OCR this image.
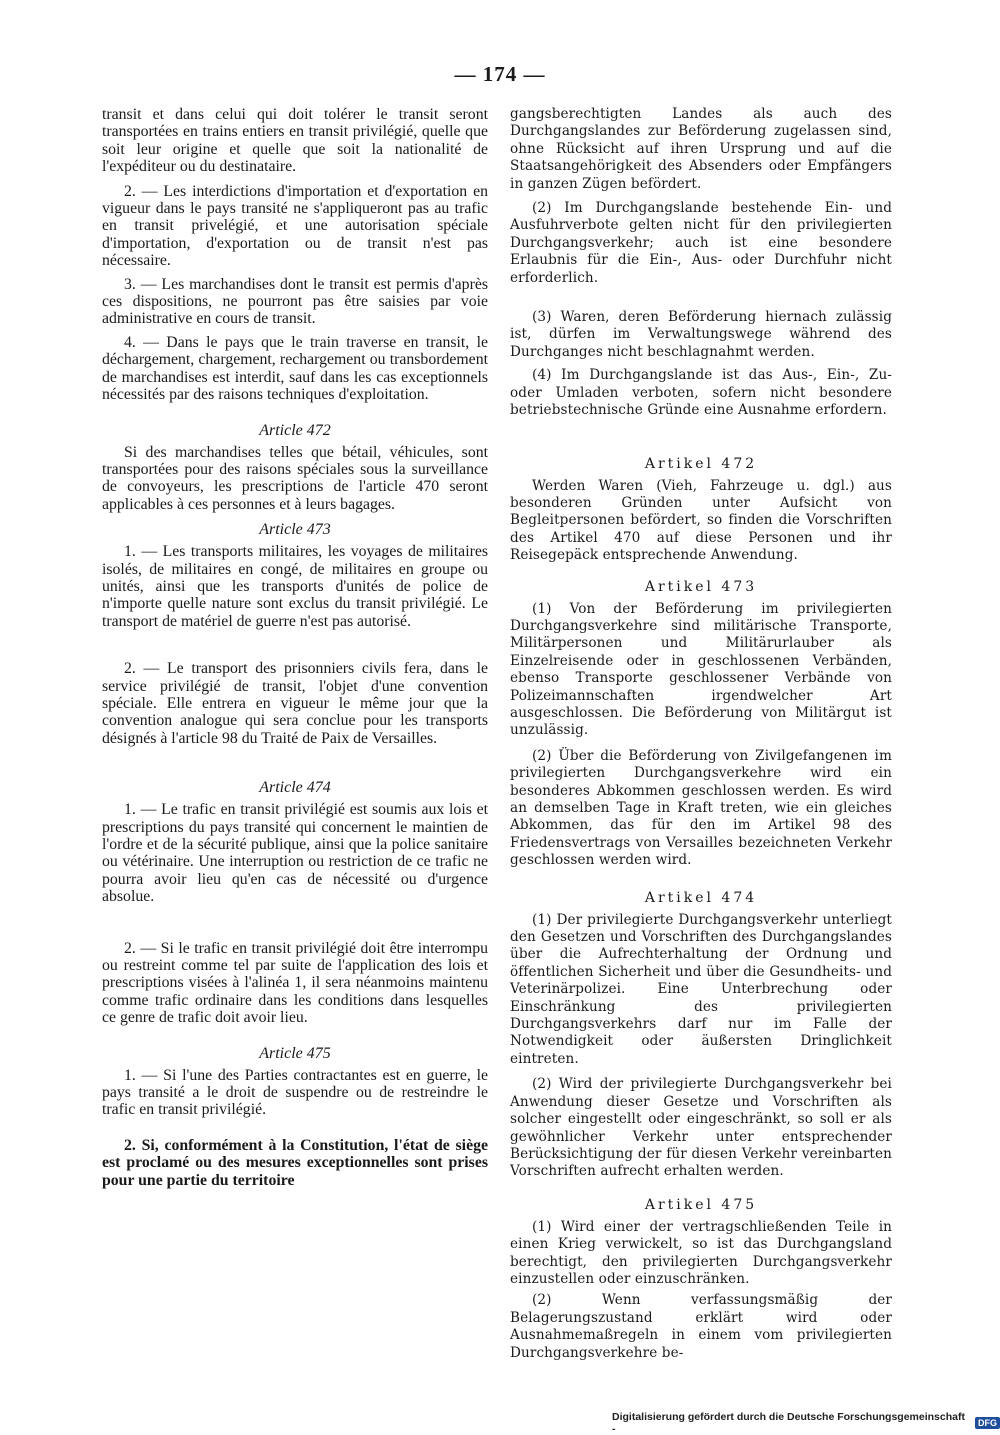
— 174 —

transit et dans celui qui doit tolérer le transit seront transportées en trains entiers en transit privilégié, quelle que soit leur origine et quelle que soit la nationalité de l'expéditeur ou du destinataire.

2. — Les interdictions d'importation et d'exportation en vigueur dans le pays transité ne s'appliqueront pas au trafic en transit privelégié, et une autorisation spéciale d'importation, d'exportation ou de transit n'est pas nécessaire.

3. — Les marchandises dont le transit est permis d'après ces dispositions, ne pourront pas être saisies par voie administrative en cours de transit.

4. — Dans le pays que le train traverse en transit, le déchargement, chargement, rechargement ou transbordement de marchandises est interdit, sauf dans les cas exceptionnels nécessités par des raisons techniques d'exploitation.

Article 472

Si des marchandises telles que bétail, véhicules, sont transportées pour des raisons spéciales sous la surveillance de convoyeurs, les prescriptions de l'article 470 seront applicables à ces personnes et à leurs bagages.

Article 473

1. — Les transports militaires, les voyages de militaires isolés, de militaires en congé, de militaires en groupe ou unités, ainsi que les transports d'unités de police de n'importe quelle nature sont exclus du transit privilégié. Le transport de matériel de guerre n'est pas autorisé.

2. — Le transport des prisonniers civils fera, dans le service privilégié de transit, l'objet d'une convention spéciale. Elle entrera en vigueur le même jour que la convention analogue qui sera conclue pour les transports désignés à l'article 98 du Traité de Paix de Versailles.

Article 474

1. — Le trafic en transit privilégié est soumis aux lois et prescriptions du pays transité qui concernent le maintien de l'ordre et de la sécurité publique, ainsi que la police sanitaire ou vétérinaire. Une interruption ou restriction de ce trafic ne pourra avoir lieu qu'en cas de nécessité ou d'urgence absolue.

2. — Si le trafic en transit privilégié doit être interrompu ou restreint comme tel par suite de l'application des lois et prescriptions visées à l'alinéa 1, il sera néanmoins maintenu comme trafic ordinaire dans les conditions dans lesquelles ce genre de trafic doit avoir lieu.

Article 475

1. — Si l'une des Parties contractantes est en guerre, le pays transité a le droit de suspendre ou de restreindre le trafic en transit privilégié.

2. Si, conformément à la Constitution, l'état de siège est proclamé ou des mesures exceptionnelles sont prises pour une partie du territoire

gangsberechtigten Landes als auch des Durchgangslandes zur Beförderung zugelassen sind, ohne Rücksicht auf ihren Ursprung und auf die Staatsangehörigkeit des Absenders oder Empfängers in ganzen Zügen befördert.

(2) Im Durchgangslande bestehende Ein- und Ausfuhrverbote gelten nicht für den privilegierten Durchgangsverkehr; auch ist eine besondere Erlaubnis für die Ein-, Aus- oder Durchfuhr nicht erforderlich.

(3) Waren, deren Beförderung hiernach zulässig ist, dürfen im Verwaltungswege während des Durchganges nicht beschlagnahmt werden.

(4) Im Durchgangslande ist das Aus-, Ein-, Zu- oder Umladen verboten, sofern nicht besondere betriebstechnische Gründe eine Ausnahme erfordern.

Artikel 472

Werden Waren (Vieh, Fahrzeuge u. dgl.) aus besonderen Gründen unter Aufsicht von Begleitpersonen befördert, so finden die Vorschriften des Artikel 470 auf diese Personen und ihr Reisegepäck entsprechende Anwendung.

Artikel 473

(1) Von der Beförderung im privilegierten Durchgangsverkehre sind militärische Transporte, Militärpersonen und Militärurlauber als Einzelreisende oder in geschlossenen Verbänden, ebenso Transporte geschlossener Verbände von Polizeimannschaften irgendwelcher Art ausgeschlossen. Die Beförderung von Militärgut ist unzulässig.

(2) Über die Beförderung von Zivilgefangenen im privilegierten Durchgangsverkehre wird ein besonderes Abkommen geschlossen werden. Es wird an demselben Tage in Kraft treten, wie ein gleiches Abkommen, das für den im Artikel 98 des Friedensvertrags von Versailles bezeichneten Verkehr geschlossen werden wird.

Artikel 474

(1) Der privilegierte Durchgangsverkehr unterliegt den Gesetzen und Vorschriften des Durchgangslandes über die Aufrechterhaltung der Ordnung und öffentlichen Sicherheit und über die Gesundheits- und Veterinärpolizei. Eine Unterbrechung oder Einschränkung des privilegierten Durchgangsverkehrs darf nur im Falle der Notwendigkeit oder äußersten Dringlichkeit eintreten.

(2) Wird der privilegierte Durchgangsverkehr bei Anwendung dieser Gesetze und Vorschriften als solcher eingestellt oder eingeschränkt, so soll er als gewöhnlicher Verkehr unter entsprechender Berücksichtigung der für diesen Verkehr vereinbarten Vorschriften aufrecht erhalten werden.

Artikel 475

(1) Wird einer der vertragschließenden Teile in einen Krieg verwickelt, so ist das Durchgangsland berechtigt, den privilegierten Durchgangsverkehr einzustellen oder einzuschränken.

(2) Wenn verfassungsmäßig der Belagerungszustand erklärt wird oder Ausnahmemaßregeln in einem vom privilegierten Durchgangsverkehre be-

Digitalisierung gefördert durch die Deutsche Forschungsgemeinschaft -	DFG
